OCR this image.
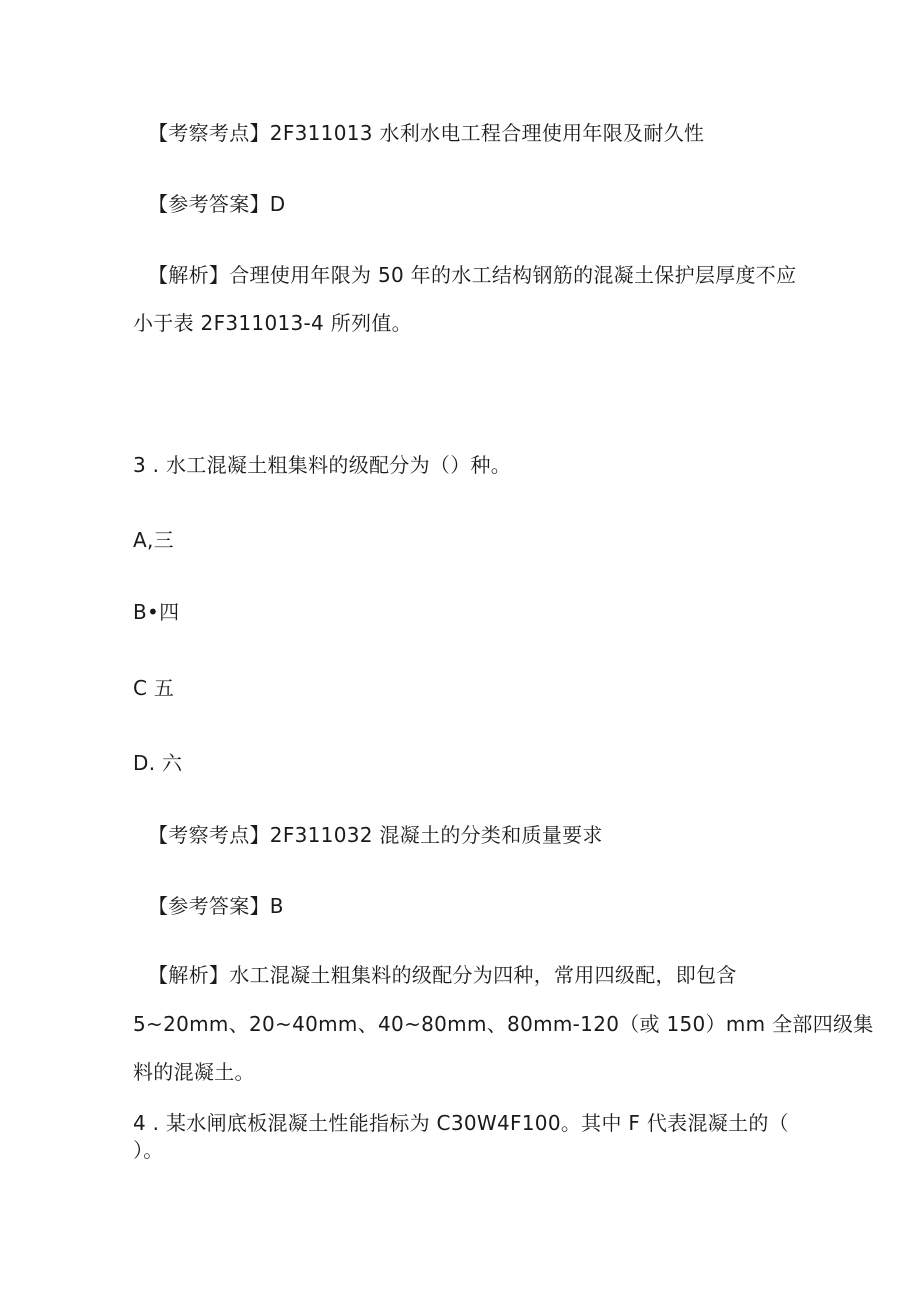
【考察考点】2F311013 水利水电工程合理使用年限及耐久性
【参考答案】D
【解析】合理使用年限为 50 年的水工结构钢筋的混凝土保护层厚度不应
小于表 2F311013-4 所列值。
3 . 水工混凝土粗集料的级配分为（）种。
A,三
B•四
C 五
D. 六
【考察考点】2F311032 混凝土的分类和质量要求
【参考答案】B
【解析】水工混凝土粗集料的级配分为四种，常用四级配，即包含
5~20mm、20~40mm、40~80mm、80mm-120（或 150）mm 全部四级集
料的混凝土。
4 . 某水闸底板混凝土性能指标为 C30W4F100。其中 F 代表混凝土的（
）。
